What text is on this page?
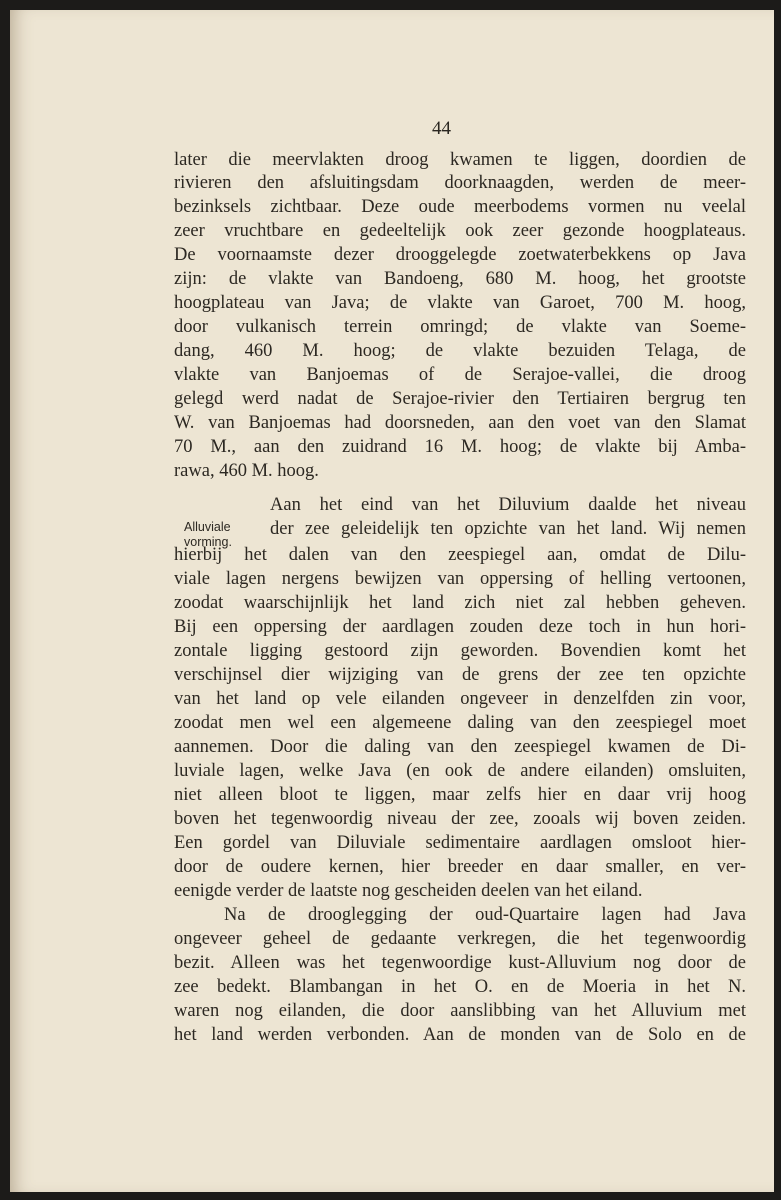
44
Alluviale
vorming.
later die meervlakten droog kwamen te liggen, doordien de
rivieren den afsluitingsdam doorknaagden, werden de meer-
bezinksels zichtbaar. Deze oude meerbodems vormen nu veelal
zeer vruchtbare en gedeeltelijk ook zeer gezonde hoogplateaus.
De voornaamste dezer drooggelegde zoetwaterbekkens op Java
zijn: de vlakte van Bandoeng, 680 M. hoog, het grootste
hoogplateau van Java; de vlakte van Garoet, 700 M. hoog,
door vulkanisch terrein omringd; de vlakte van Soeme-
dang, 460 M. hoog; de vlakte bezuiden Telaga, de
vlakte van Banjoemas of de Serajoe-vallei, die droog
gelegd werd nadat de Serajoe-rivier den Tertiairen bergrug ten
W. van Banjoemas had doorsneden, aan den voet van den Slamat
70 M., aan den zuidrand 16 M. hoog; de vlakte bij Amba-
rawa, 460 M. hoog.
Aan het eind van het Diluvium daalde het niveau
der zee geleidelijk ten opzichte van het land. Wij nemen
hierbij het dalen van den zeespiegel aan, omdat de Dilu-
viale lagen nergens bewijzen van oppersing of helling vertoonen,
zoodat waarschijnlijk het land zich niet zal hebben geheven.
Bij een oppersing der aardlagen zouden deze toch in hun hori-
zontale ligging gestoord zijn geworden. Bovendien komt het
verschijnsel dier wijziging van de grens der zee ten opzichte
van het land op vele eilanden ongeveer in denzelfden zin voor,
zoodat men wel een algemeene daling van den zeespiegel moet
aannemen. Door die daling van den zeespiegel kwamen de Di-
luviale lagen, welke Java (en ook de andere eilanden) omsluiten,
niet alleen bloot te liggen, maar zelfs hier en daar vrij hoog
boven het tegenwoordig niveau der zee, zooals wij boven zeiden.
Een gordel van Diluviale sedimentaire aardlagen omsloot hier-
door de oudere kernen, hier breeder en daar smaller, en ver-
eenigde verder de laatste nog gescheiden deelen van het eiland.
Na de drooglegging der oud-Quartaire lagen had Java
ongeveer geheel de gedaante verkregen, die het tegenwoordig
bezit. Alleen was het tegenwoordige kust-Alluvium nog door de
zee bedekt. Blambangan in het O. en de Moeria in het N.
waren nog eilanden, die door aanslibbing van het Alluvium met
het land werden verbonden. Aan de monden van de Solo en de
